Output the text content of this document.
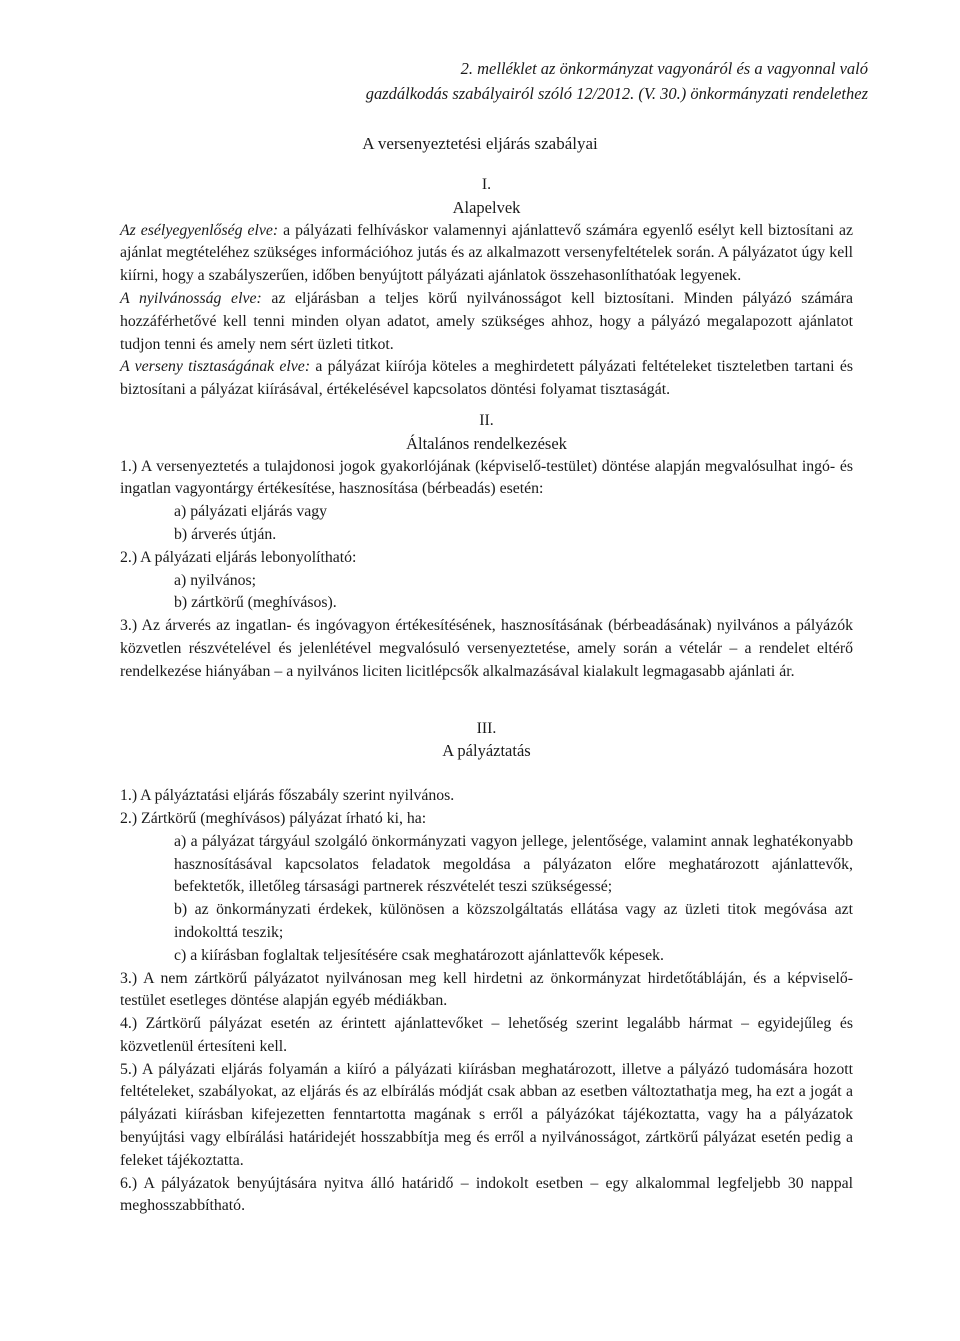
2. melléklet az önkormányzat vagyonáról és a vagyonnal való
gazdálkodás szabályairól szóló 12/2012. (V. 30.) önkormányzati rendelethez
A versenyeztetési eljárás szabályai

I.

Alapelvek

Az esélyegyenlőség elve: a pályázati felhíváskor valamennyi ajánlattevő számára egyenlő esélyt kell biztosítani az ajánlat megtételéhez szükséges információhoz jutás és az alkalmazott versenyfeltételek során. A pályázatot úgy kell kiírni, hogy a szabályszerűen, időben benyújtott pályázati ajánlatok összehasonlíthatóak legyenek.

A nyilvánosság elve: az eljárásban a teljes körű nyilvánosságot kell biztosítani. Minden pályázó számára hozzáférhetővé kell tenni minden olyan adatot, amely szükséges ahhoz, hogy a pályázó megalapozott ajánlatot tudjon tenni és amely nem sért üzleti titkot.

A verseny tisztaságának elve: a pályázat kiírója köteles a meghirdetett pályázati feltételeket tiszteletben tartani és biztosítani a pályázat kiírásával, értékelésével kapcsolatos döntési folyamat tisztaságát.

II.

Általános rendelkezések

1.) A versenyeztetés a tulajdonosi jogok gyakorlójának (képviselő-testület) döntése alapján megvalósulhat ingó- és ingatlan vagyontárgy értékesítése, hasznosítása (bérbeadás) esetén:

a) pályázati eljárás vagy

b) árverés útján.

2.) A pályázati eljárás lebonyolítható:

a) nyilvános;

b) zártkörű (meghívásos).

3.) Az árverés az ingatlan- és ingóvagyon értékesítésének, hasznosításának (bérbeadásának) nyilvános a pályázók közvetlen részvételével és jelenlétével megvalósuló versenyeztetése, amely során a vételár – a rendelet eltérő rendelkezése hiányában – a nyilvános liciten licitlépcsők alkalmazásával kialakult legmagasabb ajánlati ár.

III.

A pályáztatás

1.) A pályáztatási eljárás főszabály szerint nyilvános.

2.) Zártkörű (meghívásos) pályázat írható ki, ha:

a) a pályázat tárgyául szolgáló önkormányzati vagyon jellege, jelentősége, valamint annak leghatékonyabb hasznosításával kapcsolatos feladatok megoldása a pályázaton előre meghatározott ajánlattevők, befektetők, illetőleg társasági partnerek részvételét teszi szükségessé;

b) az önkormányzati érdekek, különösen a közszolgáltatás ellátása vagy az üzleti titok megóvása azt indokolttá teszik;

c) a kiírásban foglaltak teljesítésére csak meghatározott ajánlattevők képesek.

3.) A nem zártkörű pályázatot nyilvánosan meg kell hirdetni az önkormányzat hirdetőtábláján, és a képviselő-testület esetleges döntése alapján egyéb médiákban.

4.) Zártkörű pályázat esetén az érintett ajánlattevőket – lehetőség szerint legalább hármat – egyidejűleg és közvetlenül értesíteni kell.

5.) A pályázati eljárás folyamán a kiíró a pályázati kiírásban meghatározott, illetve a pályázó tudomására hozott feltételeket, szabályokat, az eljárás és az elbírálás módját csak abban az esetben változtathatja meg, ha ezt a jogát a pályázati kiírásban kifejezetten fenntartotta magának s erről a pályázókat tájékoztatta, vagy ha a pályázatok benyújtási vagy elbírálási határidejét hosszabbítja meg és erről a nyilvánosságot, zártkörű pályázat esetén pedig a feleket tájékoztatta.

6.) A pályázatok benyújtására nyitva álló határidő – indokolt esetben – egy alkalommal legfeljebb 30 nappal meghosszabbítható.
